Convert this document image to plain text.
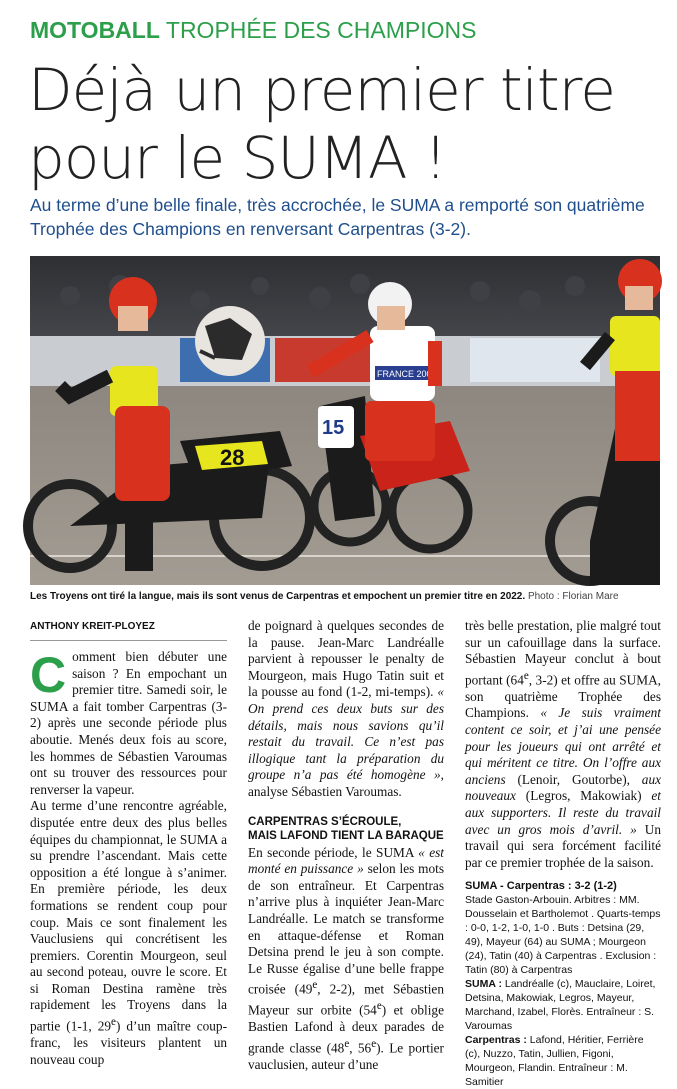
MOTOBALL TROPHÉE DES CHAMPIONS
Déjà un premier titre
pour le SUMA !

Au terme d’une belle finale, très accrochée, le SUMA a remporté son quatrième Trophée des Champions en renversant Carpentras (3-2).

28
15
FRANCE 2000
Les Troyens ont tiré la langue, mais ils sont venus de Carpentras et empochent un premier titre en 2022. Photo : Florian Mare
ANTHONY KREIT-PLOYEZ
C omment bien débuter une saison ? En empochant un premier titre. Samedi soir, le SUMA a fait tomber Carpentras (3-2) après une seconde période plus aboutie. Menés deux fois au score, les hommes de Sébastien Varoumas ont su trouver des ressources pour renverser la vapeur.

Au terme d’une rencontre agréable, disputée entre deux des plus belles équipes du championnat, le SUMA a su prendre l’ascendant. Mais cette opposition a été longue à s’animer. En première période, les deux formations se rendent coup pour coup. Mais ce sont finalement les Vauclusiens qui concrétisent les premiers. Corentin Mourgeon, seul au second poteau, ouvre le score. Et si Roman Destina ramène très rapidement les Troyens dans la partie (1-1, 29e) d’un maître coup-franc, les visiteurs plantent un nouveau coup

de poignard à quelques secondes de la pause. Jean-Marc Landréalle parvient à repousser le penalty de Mourgeon, mais Hugo Tatin suit et la pousse au fond (1-2, mi-temps). « On prend ces deux buts sur des détails, mais nous savions qu’il restait du travail. Ce n’est pas illogique tant la préparation du groupe n’a pas été homogène », analyse Sébastien Varoumas.

CARPENTRAS S’ÉCROULE,
MAIS LAFOND TIENT LA BARAQUE

En seconde période, le SUMA « est monté en puissance » selon les mots de son entraîneur. Et Carpentras n’arrive plus à inquiéter Jean-Marc Landréalle. Le match se transforme en attaque-défense et Roman Detsina prend le jeu à son compte. Le Russe égalise d’une belle frappe croisée (49e, 2-2), met Sébastien Mayeur sur orbite (54e) et oblige Bastien Lafond à deux parades de grande classe (48e, 56e). Le portier vauclusien, auteur d’une

très belle prestation, plie malgré tout sur un cafouillage dans la surface. Sébastien Mayeur conclut à bout portant (64e, 3-2) et offre au SUMA, son quatrième Trophée des Champions. « Je suis vraiment content ce soir, et j’ai une pensée pour les joueurs qui ont arrêté et qui méritent ce titre. On l’offre aux anciens (Lenoir, Goutorbe), aux nouveaux (Legros, Makowiak) et aux supporters. Il reste du travail avec un gros mois d’avril. » Un travail qui sera forcément facilité par ce premier trophée de la saison.

SUMA - Carpentras : 3-2 (1-2)

Stade Gaston-Arbouin. Arbitres : MM. Dousselain et Bartholemot . Quarts-temps : 0-0, 1-2, 1-0, 1-0 . Buts : Detsina (29, 49), Mayeur (64) au SUMA ; Mourgeon (24), Tatin (40) à Carpentras . Exclusion : Tatin (80) à Carpentras

SUMA : Landréalle (c), Mauclaire, Loiret, Detsina, Makowiak, Legros, Mayeur, Marchand, Izabel, Florès. Entraîneur : S. Varoumas

Carpentras : Lafond, Héritier, Ferrière (c), Nuzzo, Tatin, Jullien, Figoni, Mourgeon, Flandin. Entraîneur : M. Samitier
